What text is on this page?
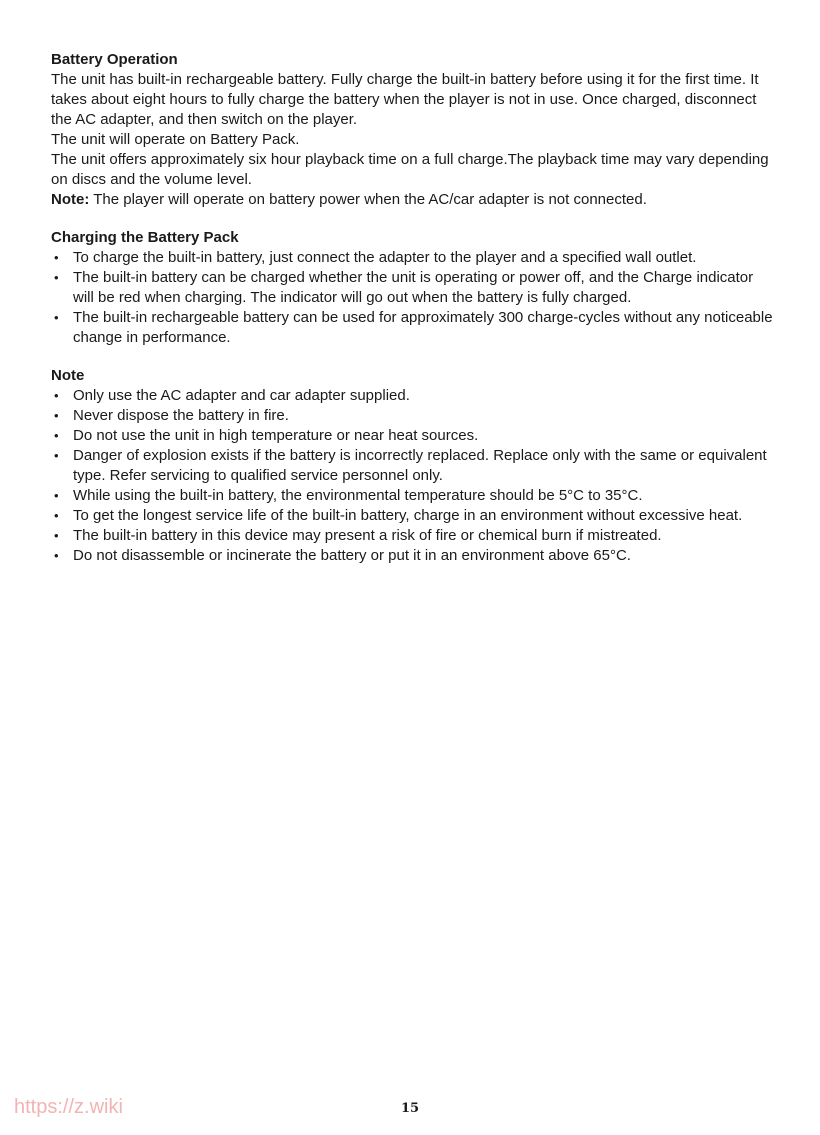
Battery Operation

The unit has built-in rechargeable battery. Fully charge the built-in battery before using it for the first time. It takes about eight hours to fully charge the battery when the player is not in use. Once charged, disconnect the AC adapter, and then switch on the player.

The unit will operate on Battery Pack.

The unit offers approximately six hour playback time on a full charge.The playback time may vary depending on discs and the volume level.

Note: The player will operate on battery power when the AC/car adapter is not connected.

Charging the Battery Pack

• To charge the built-in battery, just connect the adapter to the player and a specified wall outlet.
• The built-in battery can be charged whether the unit is operating or power off, and the Charge indicator will be red when charging. The indicator will go out when the battery is fully charged.
• The built-in rechargeable battery can be used for approximately 300 charge-cycles without any noticeable change in performance.

Note

• Only use the AC adapter and car adapter supplied.
• Never dispose the battery in fire.
• Do not use the unit in high temperature or near heat sources.
• Danger of explosion exists if the battery is incorrectly replaced. Replace only with the same or equivalent type. Refer servicing to qualified service personnel only.
• While using the built-in battery, the environmental temperature should be 5°C to 35°C.
• To get the longest service life of the built-in battery, charge in an environment without excessive heat.
• The built-in battery in this device may present a risk of fire or chemical burn if mistreated.
• Do not disassemble or incinerate the battery or put it in an environment above 65°C.
https://z.wiki	15
